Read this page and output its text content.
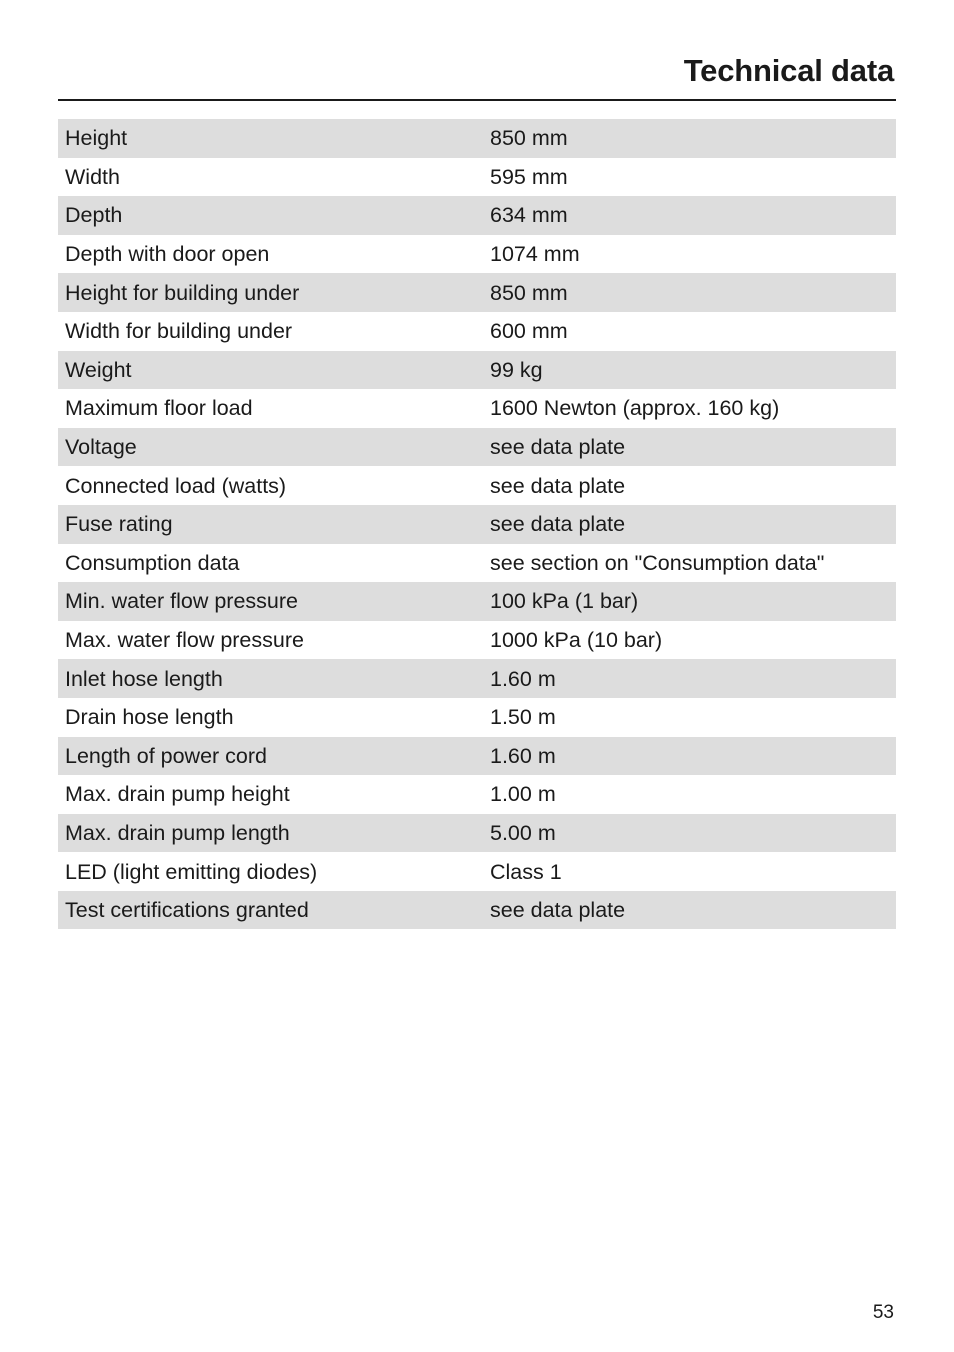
Technical data
Height	850 mm
Width	595 mm
Depth	634 mm
Depth with door open	1074 mm
Height for building under	850 mm
Width for building under	600 mm
Weight	99 kg
Maximum floor load	1600 Newton (approx. 160 kg)
Voltage	see data plate
Connected load (watts)	see data plate
Fuse rating	see data plate
Consumption data	see section on "Consumption data"
Min. water flow pressure	100 kPa (1 bar)
Max. water flow pressure	1000 kPa (10 bar)
Inlet hose length	1.60 m
Drain hose length	1.50 m
Length of power cord	1.60 m
Max. drain pump height	1.00 m
Max. drain pump length	5.00 m
LED (light emitting diodes)	Class 1
Test certifications granted	see data plate
53
